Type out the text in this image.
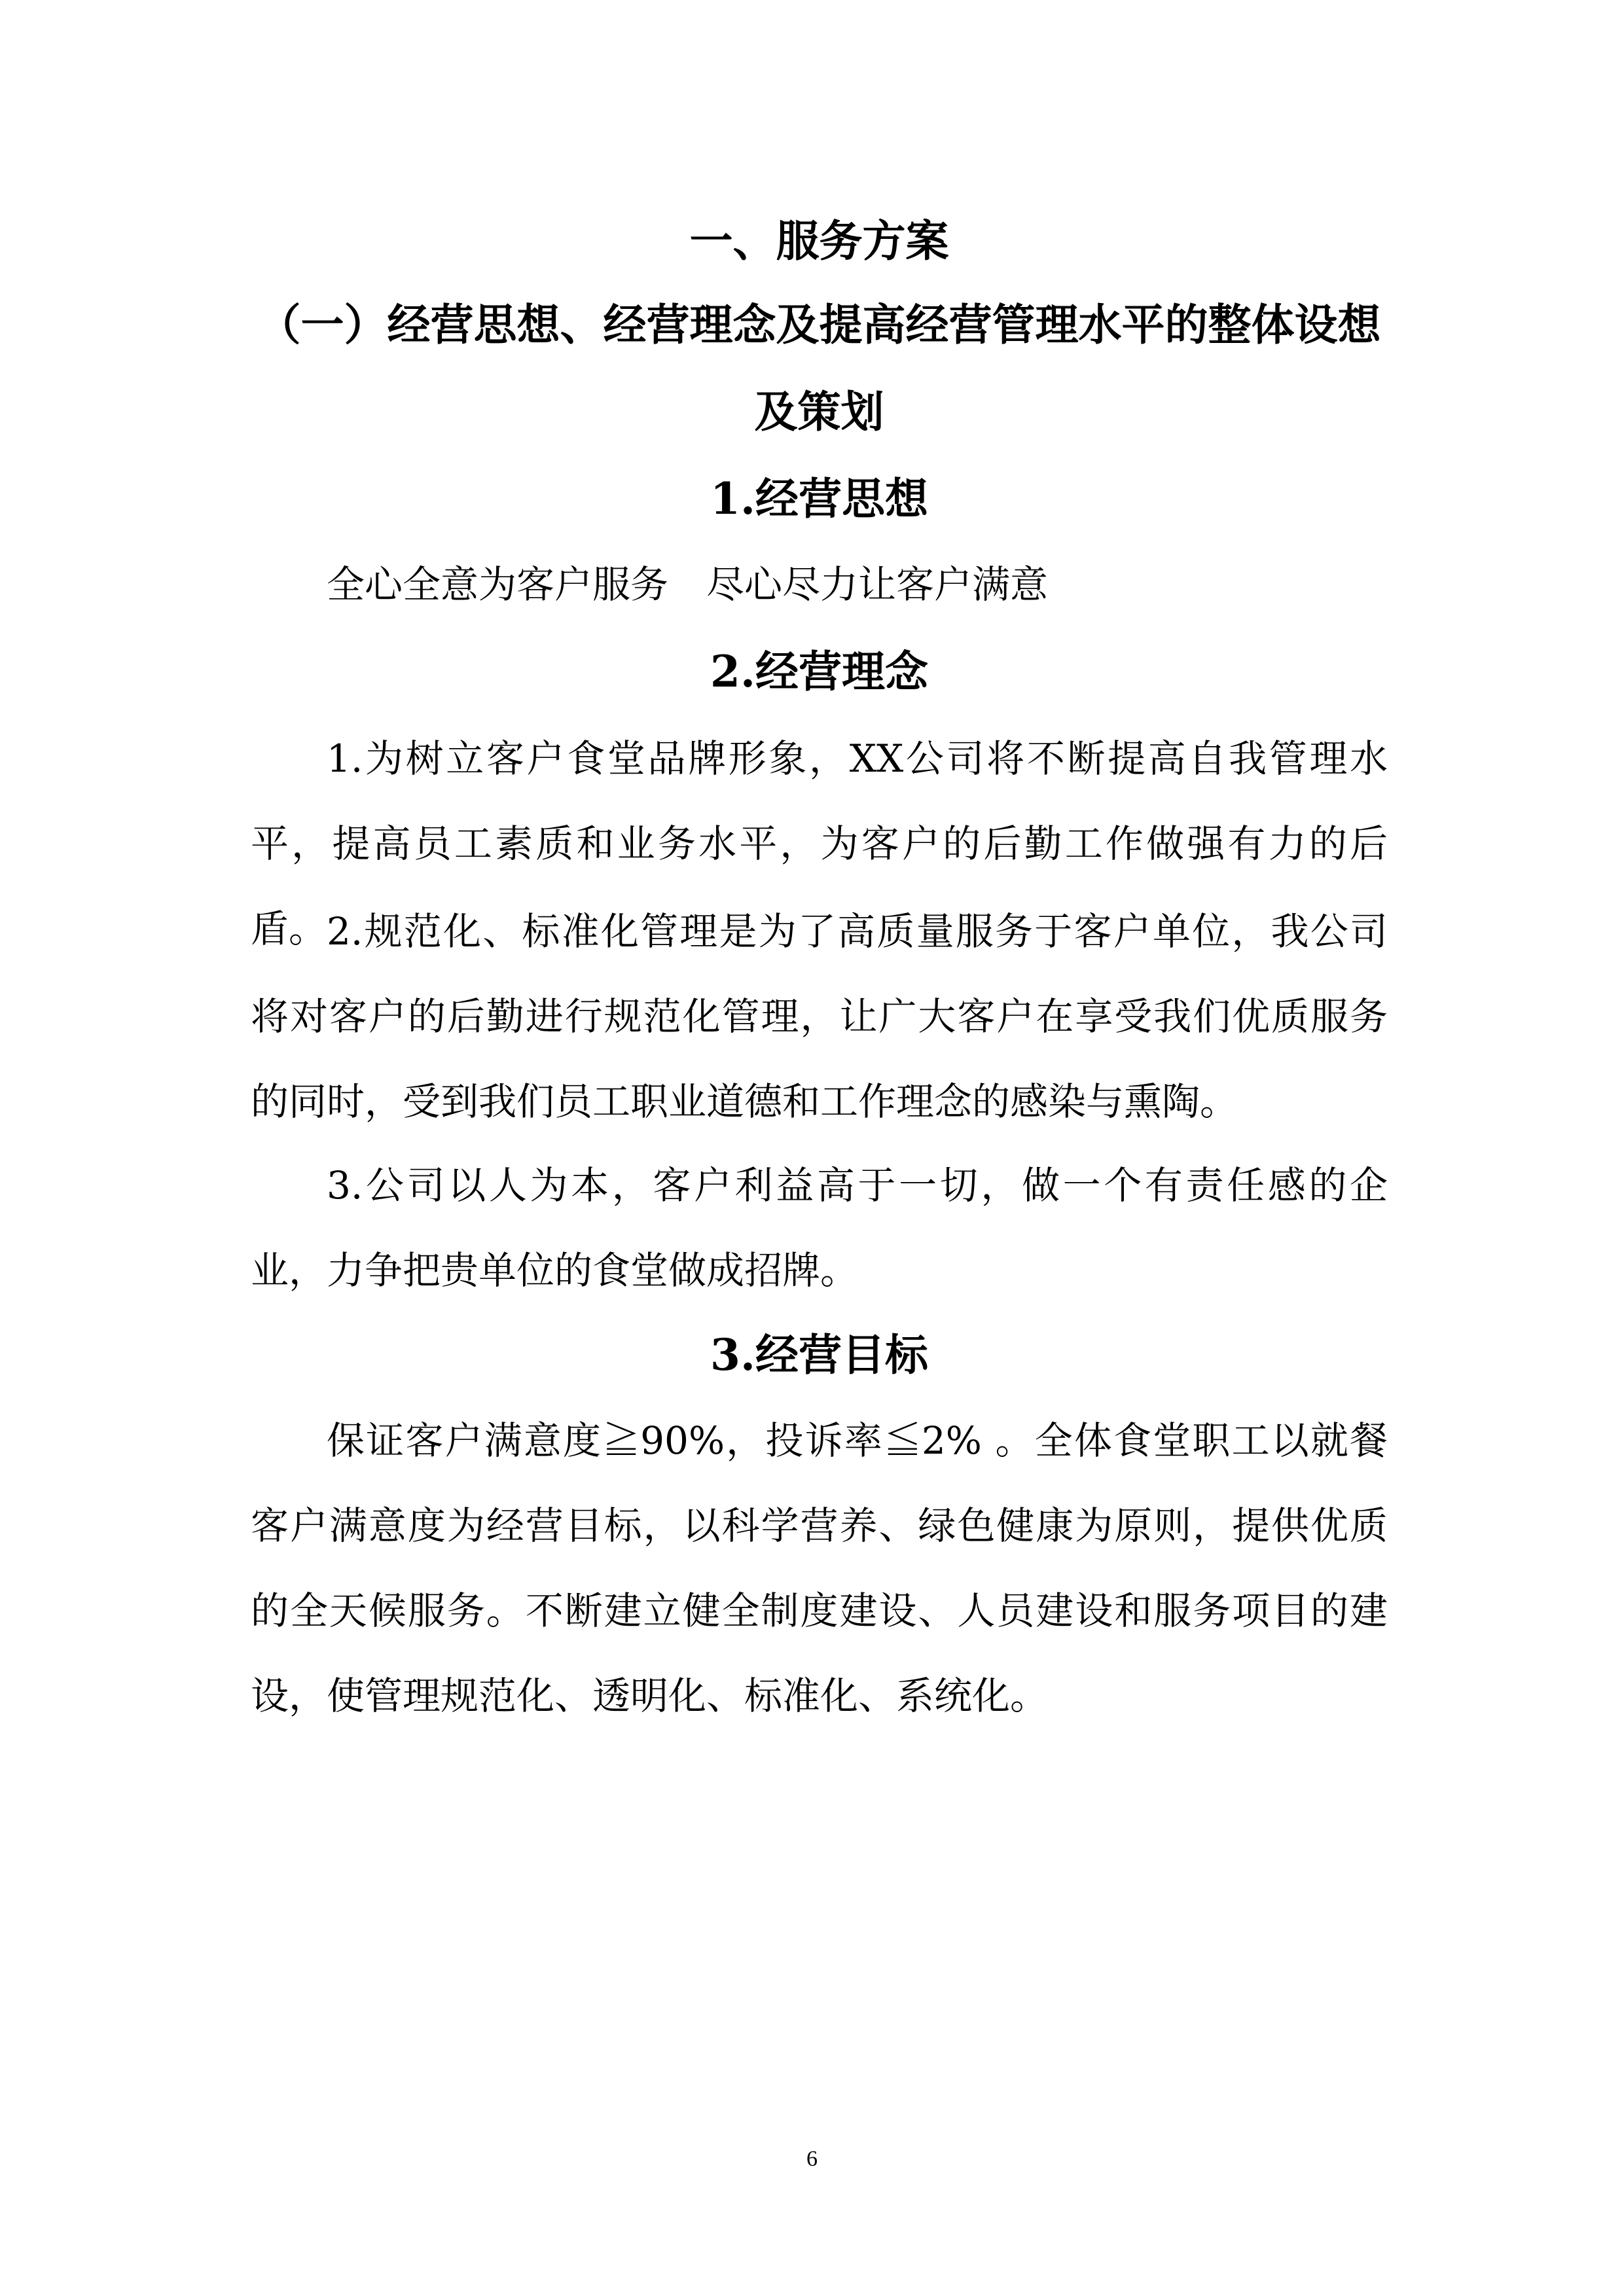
一、服务方案
（一）经营思想、经营理念及提高经营管理水平的整体设想
及策划
1.经营思想
全心全意为客户服务　尽心尽力让客户满意
2.经营理念
1.为树立客户食堂品牌形象，XX公司将不断提高自我管理水平，提高员工素质和业务水平，为客户的后勤工作做强有力的后盾。 2.规范化、标准化管理是为了高质量服务于客户单位，我公司将对客户的后勤进行规范化管理，让广大客户在享受我们优质服务的同时，受到我们员工职业道德和工作理念的感染与熏陶。
3.公司以人为本，客户利益高于一切，做一个有责任感的企业，力争把贵单位的食堂做成招牌。
3.经营目标
保证客户满意度≧90%，投诉率≦2% 。全体食堂职工以就餐客户满意度为经营目标，以科学营养、绿色健康为原则，提供优质的全天候服务。不断建立健全制度建设、人员建设和服务项目的建设，使管理规范化、透明化、标准化、系统化。
6
